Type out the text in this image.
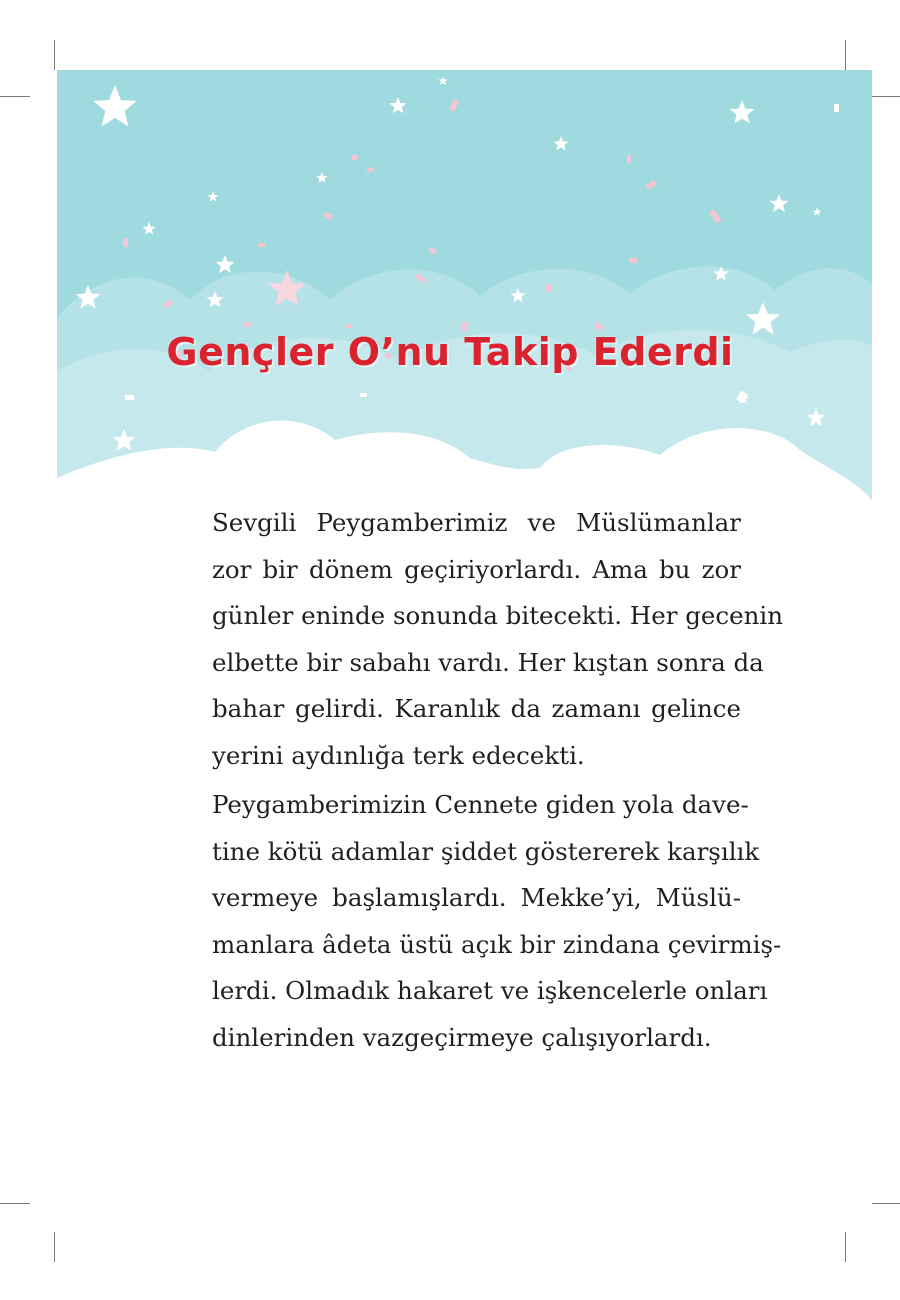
Gençler O’nu Takip Ederdi

Sevgili Peygamberimiz ve Müslümanlar
zor bir dönem geçiriyorlardı. Ama bu zor
günler eninde sonunda bitecekti. Her gecenin
elbette bir sabahı vardı. Her kıştan sonra da
bahar gelirdi. Karanlık da zamanı gelince
yerini aydınlığa terk edecekti.

Peygamberimizin Cennete giden yola dave-
tine kötü adamlar şiddet göstererek karşılık
vermeye başlamışlardı. Mekke’yi, Müslü-
manlara âdeta üstü açık bir zindana çevirmiş-
lerdi. Olmadık hakaret ve işkencelerle onları
dinlerinden vazgeçirmeye çalışıyorlardı.
